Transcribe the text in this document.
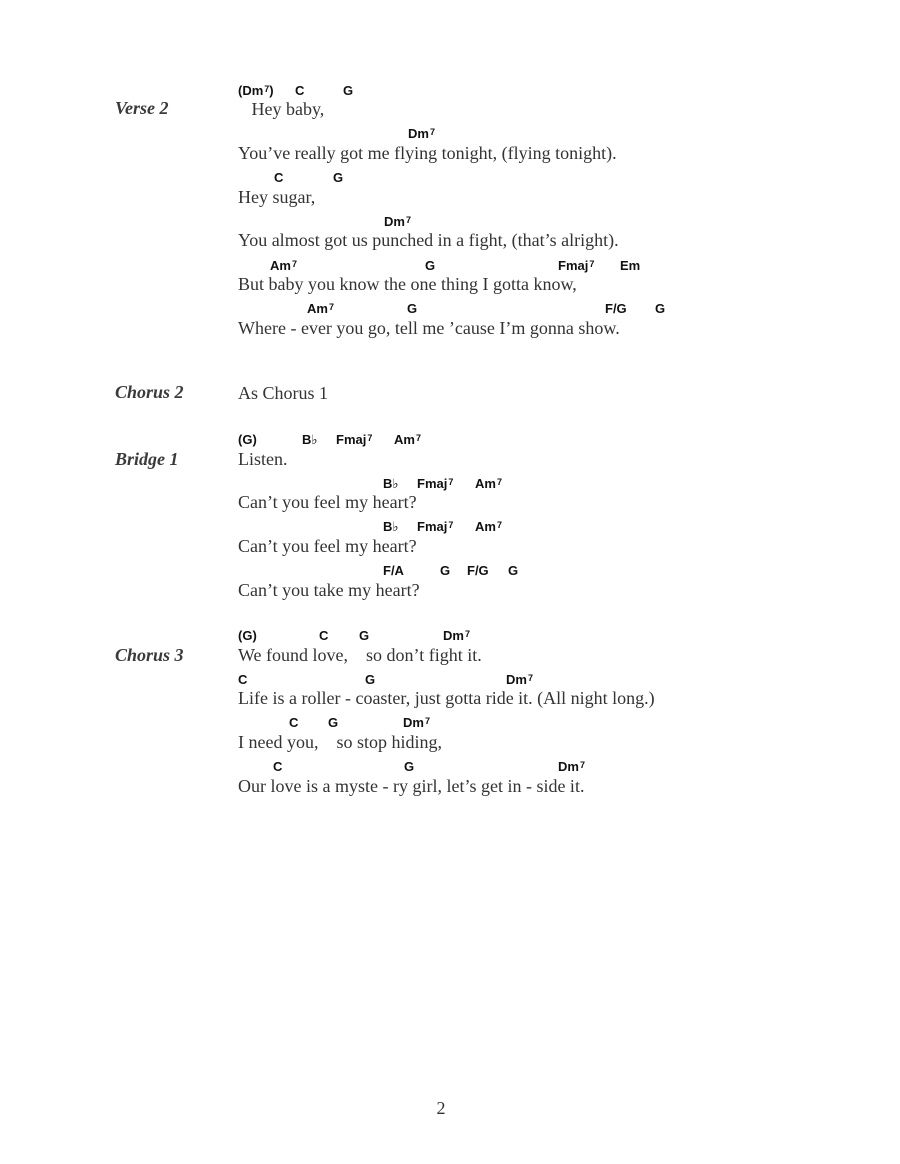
Verse 2
(Dm$^7$) C	G
Hey baby,
Dm$^7$
You’ve really got me flying tonight, (flying tonight).
C	G
Hey sugar,
Dm$^7$
You almost got us punched in a fight, (that’s alright).
Am$^7$	G	Fmaj$^7$ Em
But baby you know the one thing I gotta know,
Am$^7$	G	F/G G
Where - ever you go, tell me ’cause I’m gonna show.
Chorus 2	As Chorus 1
Bridge 1
(G)	B♭ Fmaj$^7$ Am$^7$
Listen.
B♭ Fmaj$^7$ Am$^7$
Can’t you feel my heart?
B♭ Fmaj$^7$ Am$^7$
Can’t you feel my heart?
F/A	G F/G G
Can’t you take my heart?
Chorus 3
(G)	C G	Dm$^7$
We found love,    so don’t fight it.
C	G	Dm$^7$
Life is a roller - coaster, just gotta ride it. (All night long.)
C G	Dm$^7$
I need you,    so stop hiding,
C	G	Dm$^7$
Our love is a myste - ry girl, let’s get in - side it.
2
